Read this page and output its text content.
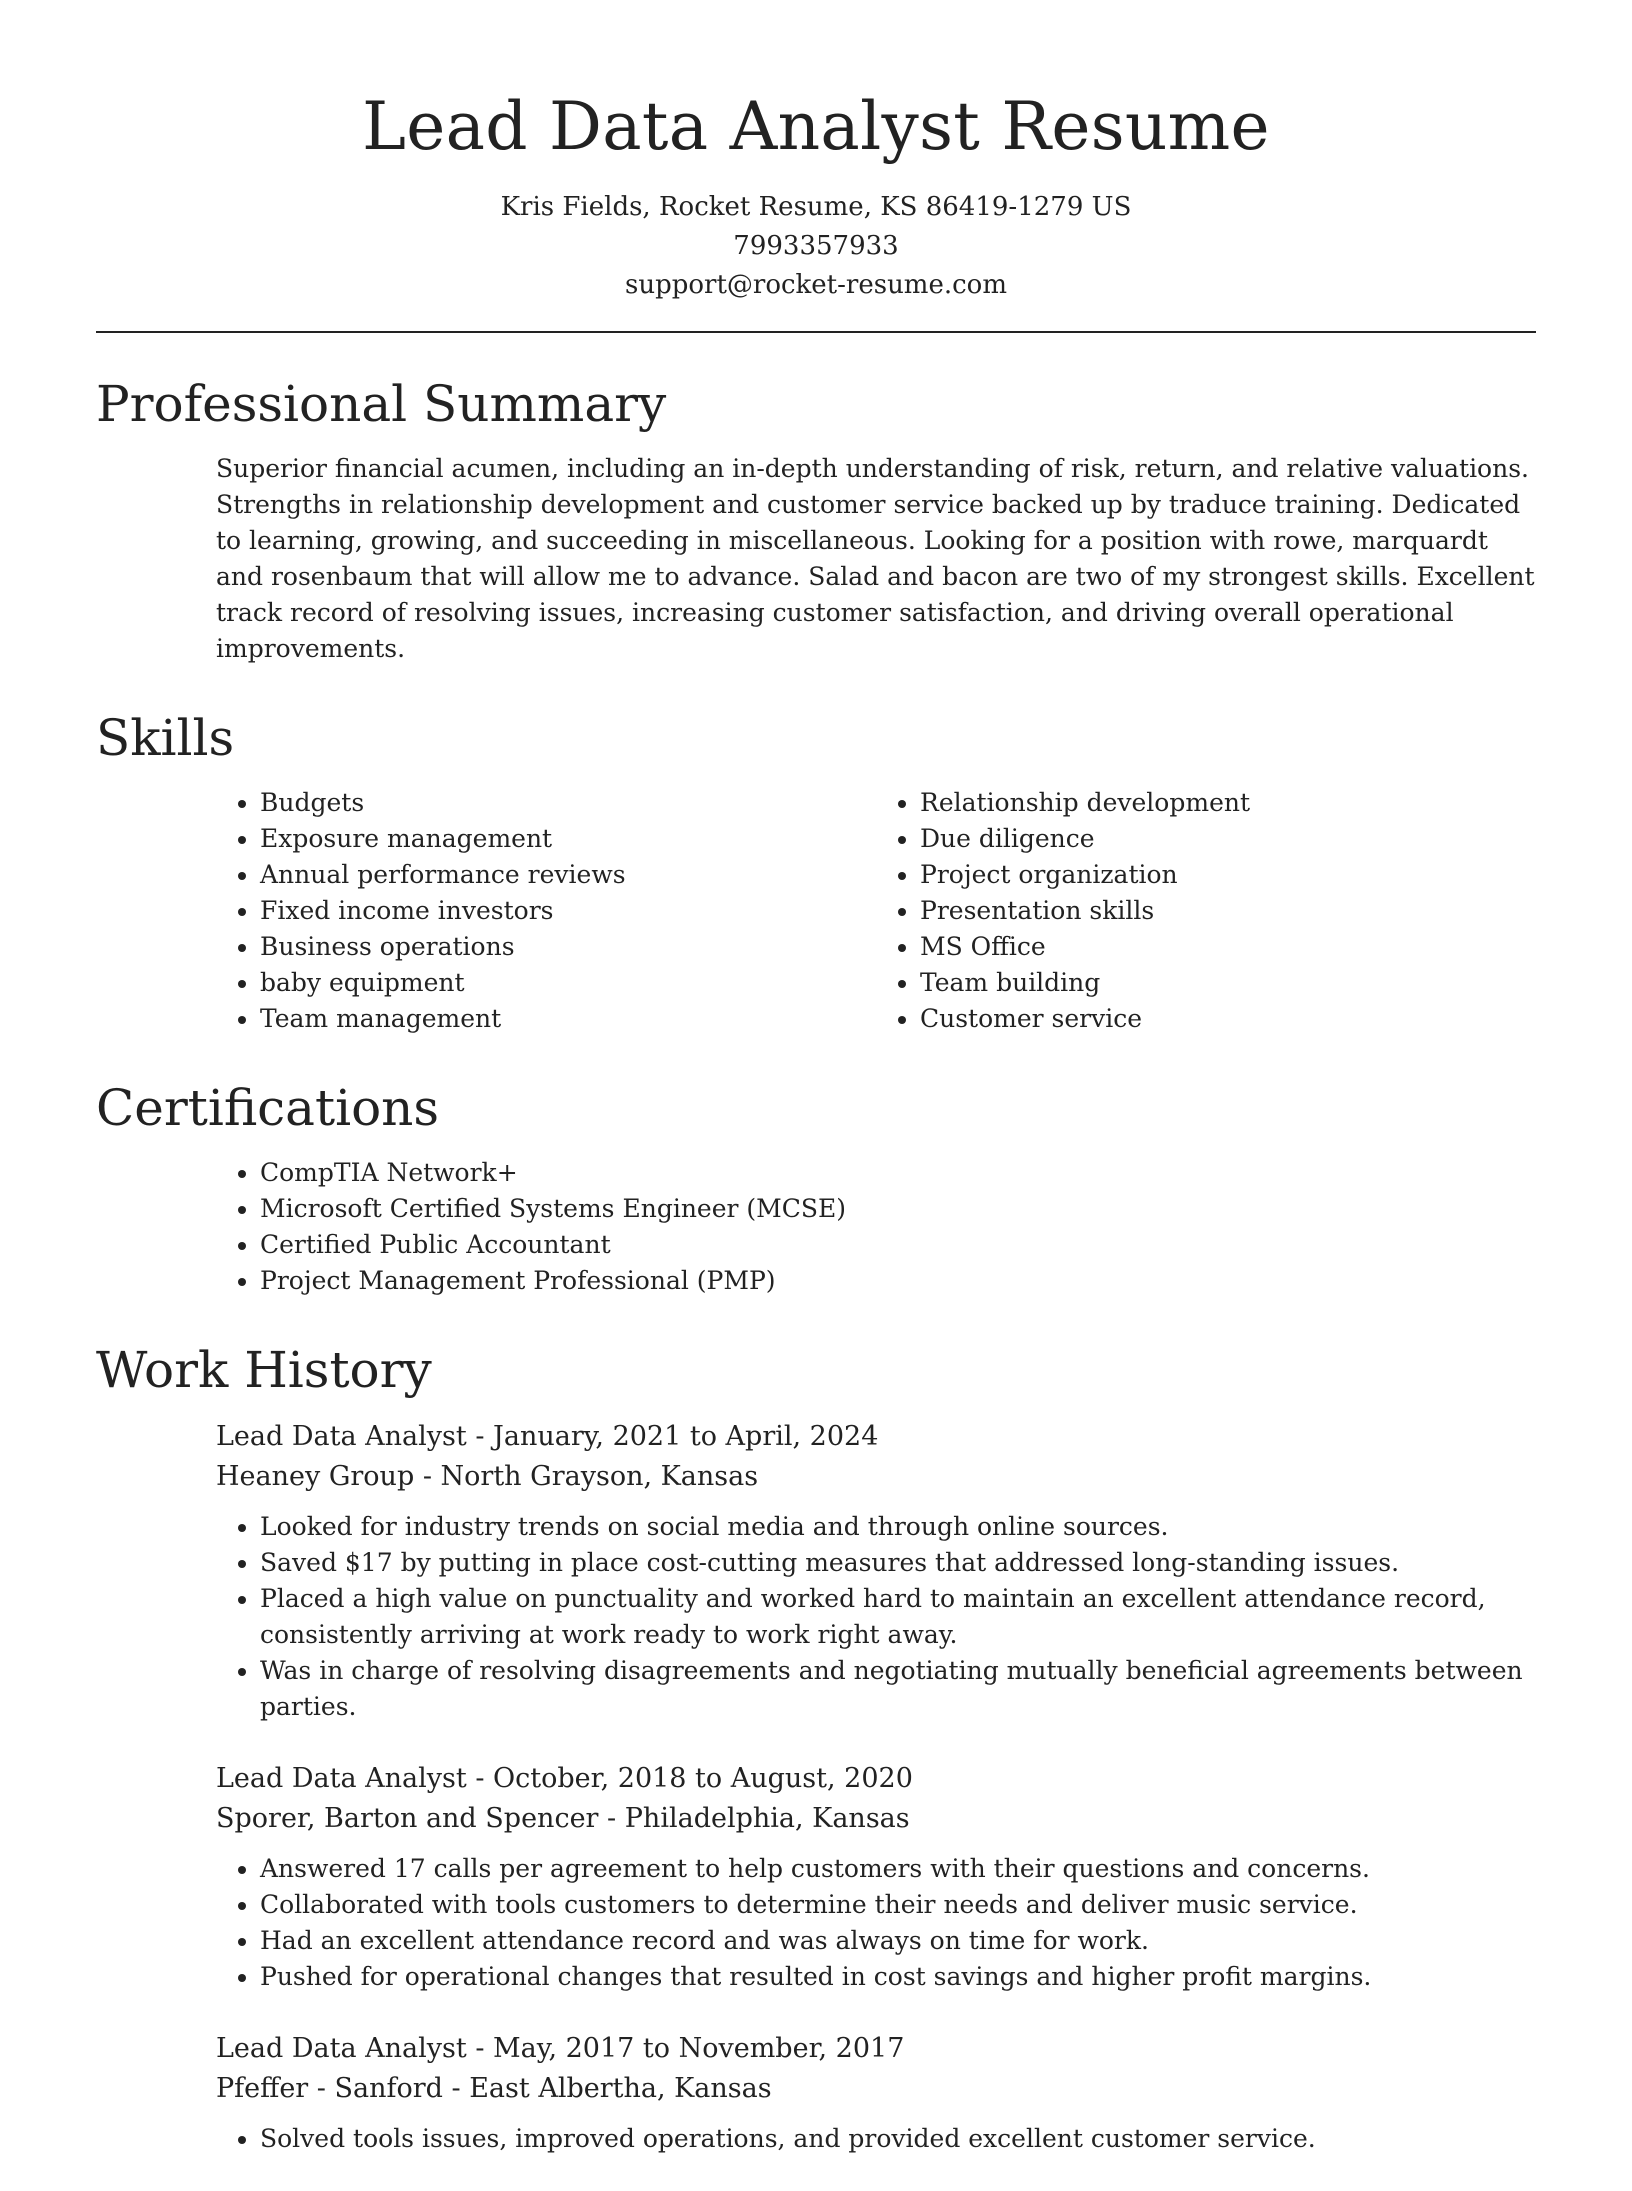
Lead Data Analyst Resume
Kris Fields, Rocket Resume, KS 86419-1279 US
7993357933
support@rocket-resume.com
Professional Summary

Superior financial acumen, including an in-depth understanding of risk, return, and relative valuations. Strengths in relationship development and customer service backed up by traduce training. Dedicated to learning, growing, and succeeding in miscellaneous. Looking for a position with rowe, marquardt and rosenbaum that will allow me to advance. Salad and bacon are two of my strongest skills. Excellent track record of resolving issues, increasing customer satisfaction, and driving overall operational improvements.

Skills
• Budgets
• Exposure management
• Annual performance reviews
• Fixed income investors
• Business operations
• baby equipment
• Team management
• Relationship development
• Due diligence
• Project organization
• Presentation skills
• MS Office
• Team building
• Customer service
Certifications
• CompTIA Network+
• Microsoft Certified Systems Engineer (MCSE)
• Certified Public Accountant
• Project Management Professional (PMP)
Work History
Lead Data Analyst - January, 2021 to April, 2024
Heaney Group - North Grayson, Kansas
• Looked for industry trends on social media and through online sources.
• Saved $17 by putting in place cost-cutting measures that addressed long-standing issues.
• Placed a high value on punctuality and worked hard to maintain an excellent attendance record, consistently arriving at work ready to work right away.
• Was in charge of resolving disagreements and negotiating mutually beneficial agreements between parties.
Lead Data Analyst - October, 2018 to August, 2020
Sporer, Barton and Spencer - Philadelphia, Kansas
• Answered 17 calls per agreement to help customers with their questions and concerns.
• Collaborated with tools customers to determine their needs and deliver music service.
• Had an excellent attendance record and was always on time for work.
• Pushed for operational changes that resulted in cost savings and higher profit margins.
Lead Data Analyst - May, 2017 to November, 2017
Pfeffer - Sanford - East Albertha, Kansas
• Solved tools issues, improved operations, and provided excellent customer service.
